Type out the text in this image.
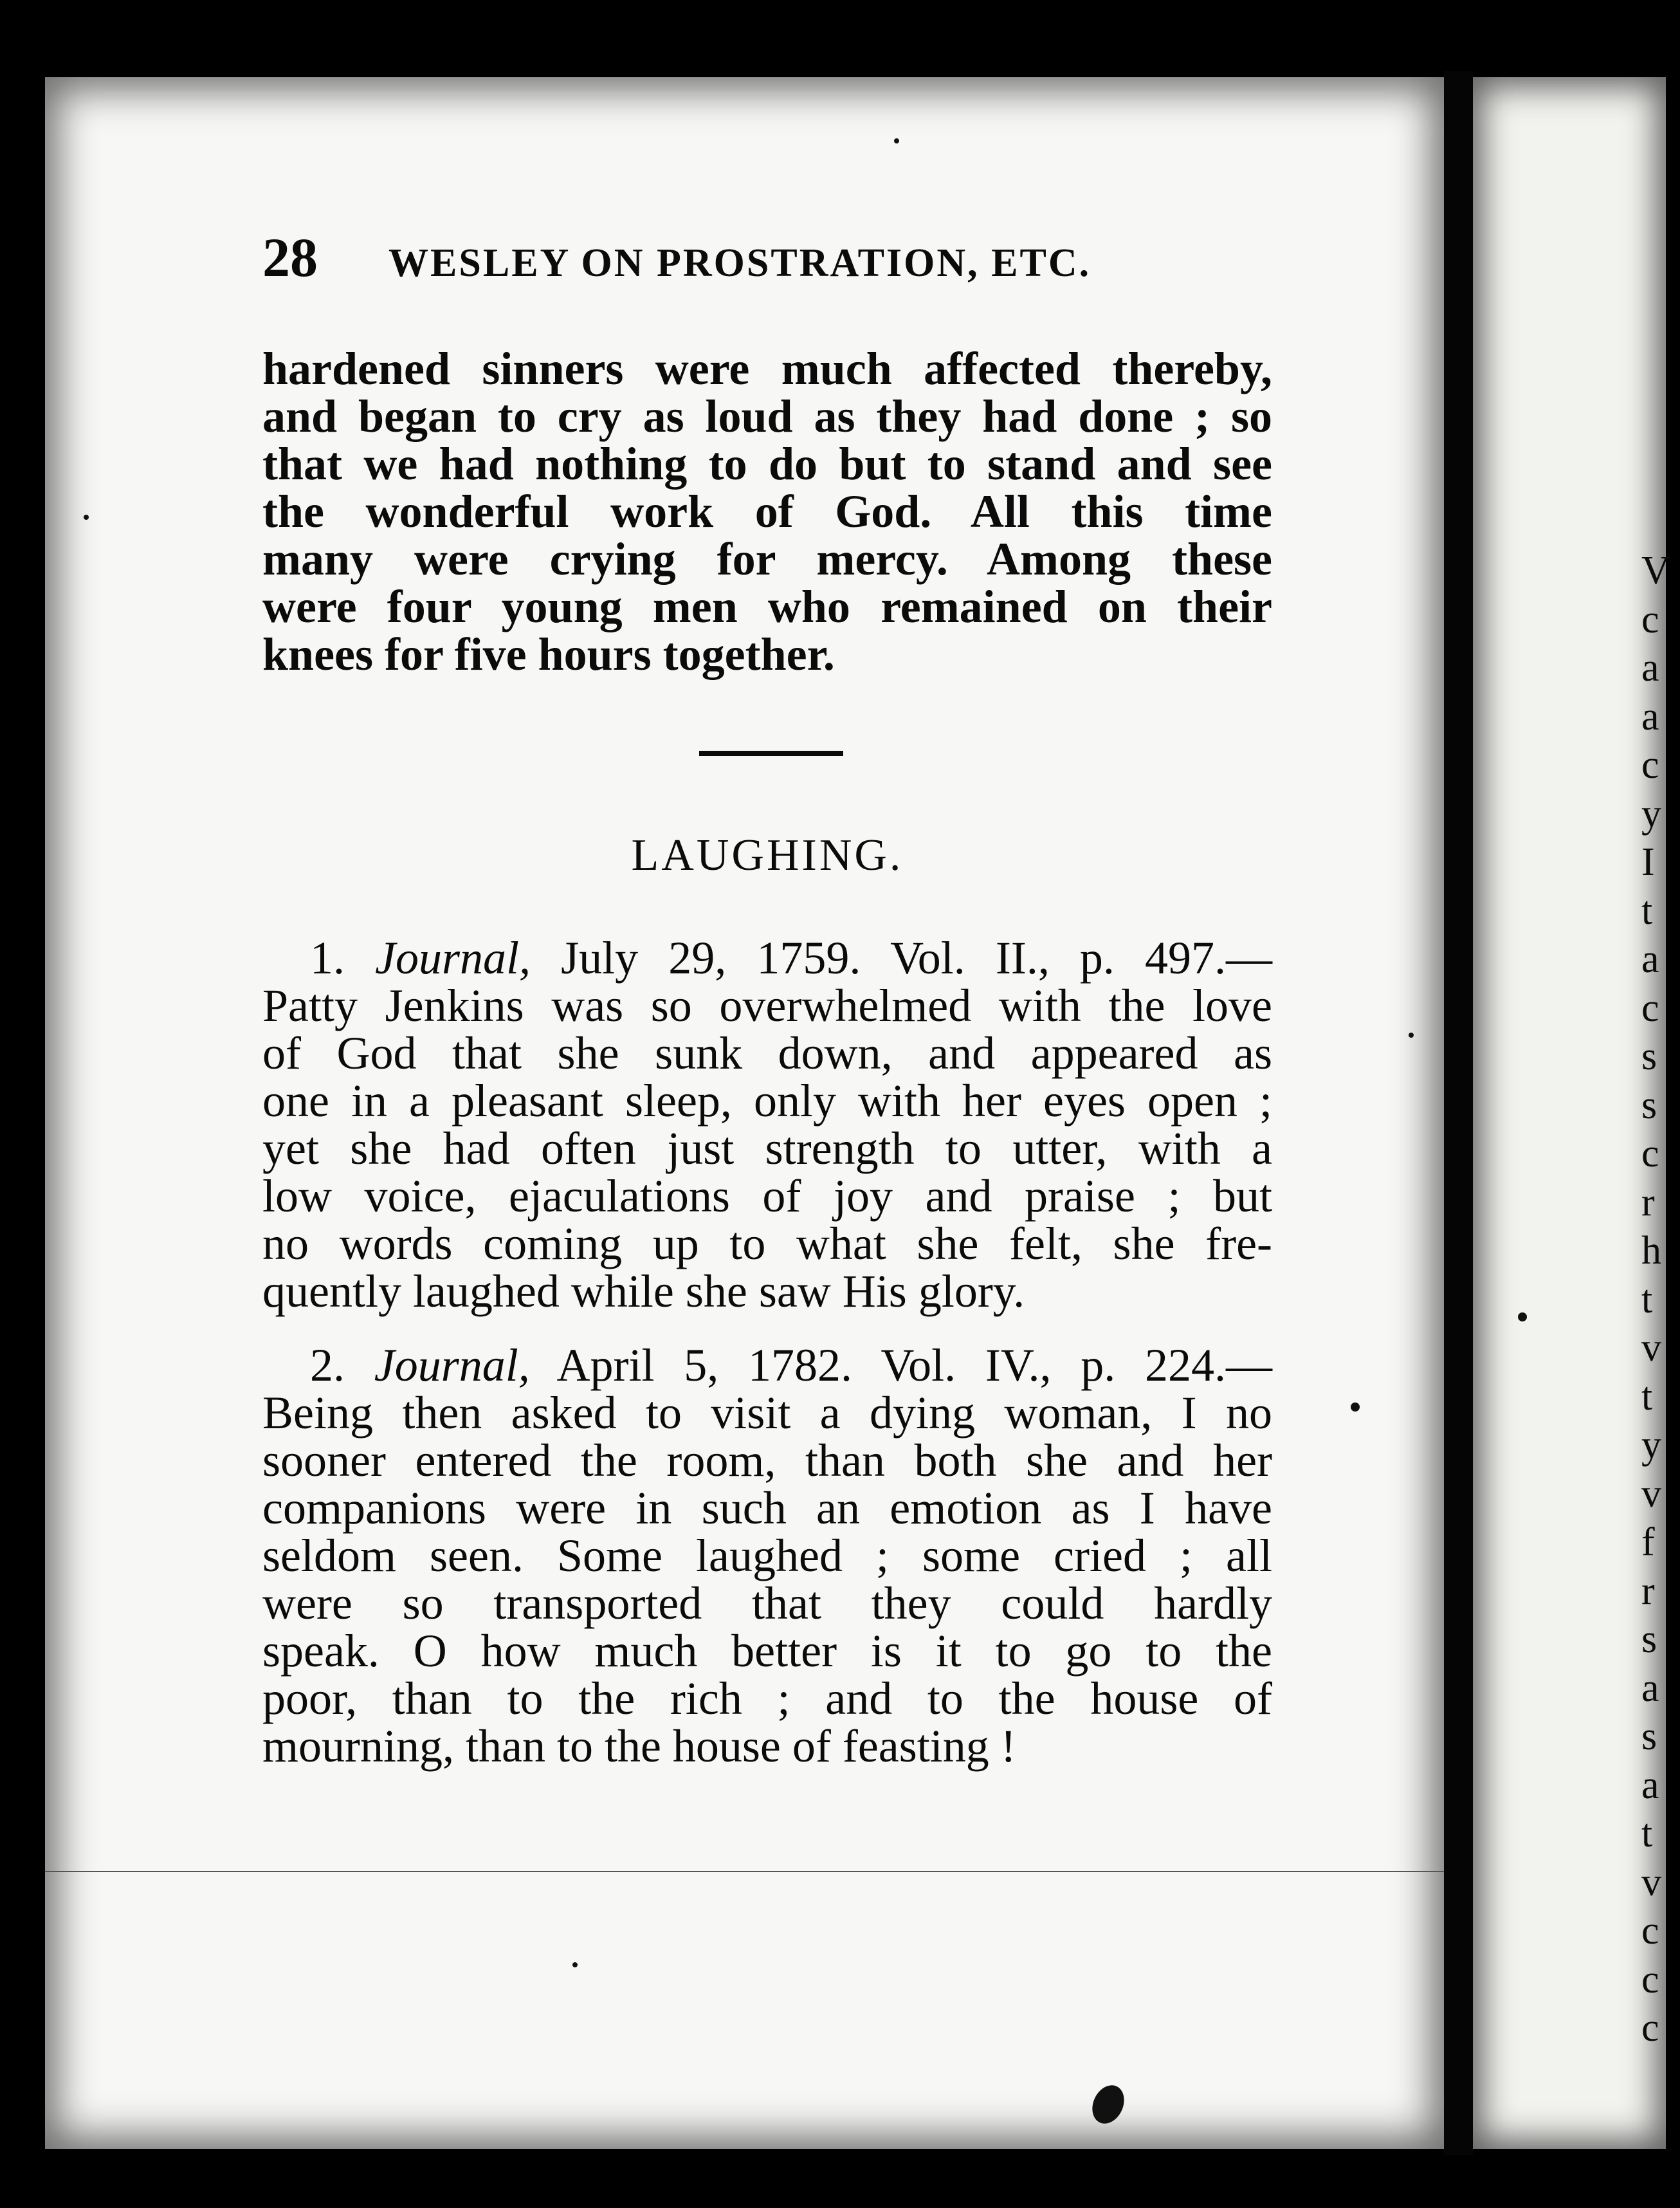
V
c
a
a
c
y
I
t
a
c
s
s
c
r
h
t
v
t
y
v
f
r
s
a
s
a
t
v
c
c
c
28 WESLEY ON PROSTRATION, ETC.
hardened sinners were much affected thereby,
and began to cry as loud as they had done ; so
that we had nothing to do but to stand and see
the wonderful work of God. All this time
many were crying for mercy. Among these
were four young men who remained on their
knees for five hours together.
LAUGHING.
1. Journal, July 29, 1759. Vol. II., p. 497.—
Patty Jenkins was so overwhelmed with the love
of God that she sunk down, and appeared as
one in a pleasant sleep, only with her eyes open ;
yet she had often just strength to utter, with a
low voice, ejaculations of joy and praise ; but
no words coming up to what she felt, she fre-
quently laughed while she saw His glory.
2. Journal, April 5, 1782. Vol. IV., p. 224.—
Being then asked to visit a dying woman, I no
sooner entered the room, than both she and her
companions were in such an emotion as I have
seldom seen. Some laughed ; some cried ; all
were so transported that they could hardly
speak. O how much better is it to go to the
poor, than to the rich ; and to the house of
mourning, than to the house of feasting !
